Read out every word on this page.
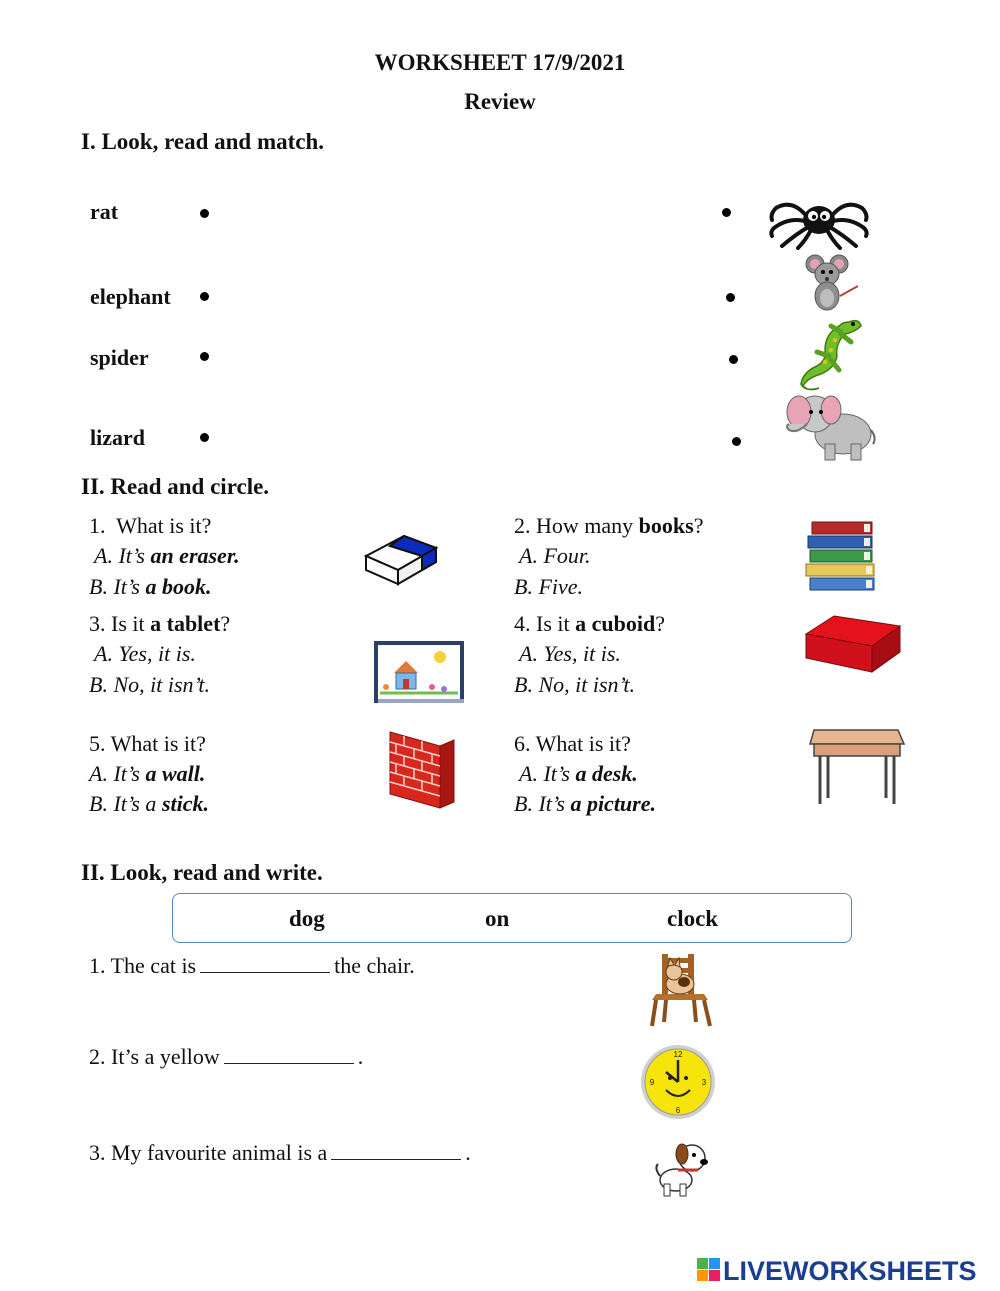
WORKSHEET 17/9/2021
Review
I. Look, read and match.
rat
elephant
spider
lizard
II. Read and circle.
1. What is it?
A. It’s an eraser.
B. It’s a book.
2. How many books?
A. Four.
B. Five.
3. Is it a tablet?
A. Yes, it is.
B. No, it isn’t.
4. Is it a cuboid?
A. Yes, it is.
B. No, it isn’t.
5. What is it?
A. It’s a wall.
B. It’s a stick.
6. What is it?
A. It’s a desk.
B. It’s a picture.
II. Look, read and write.
dog	on	clock
1. The cat is	the chair.
2. It’s a yellow	.
3. My favourite animal is a	.
12
3
6
9
LIVEWORKSHEETS
